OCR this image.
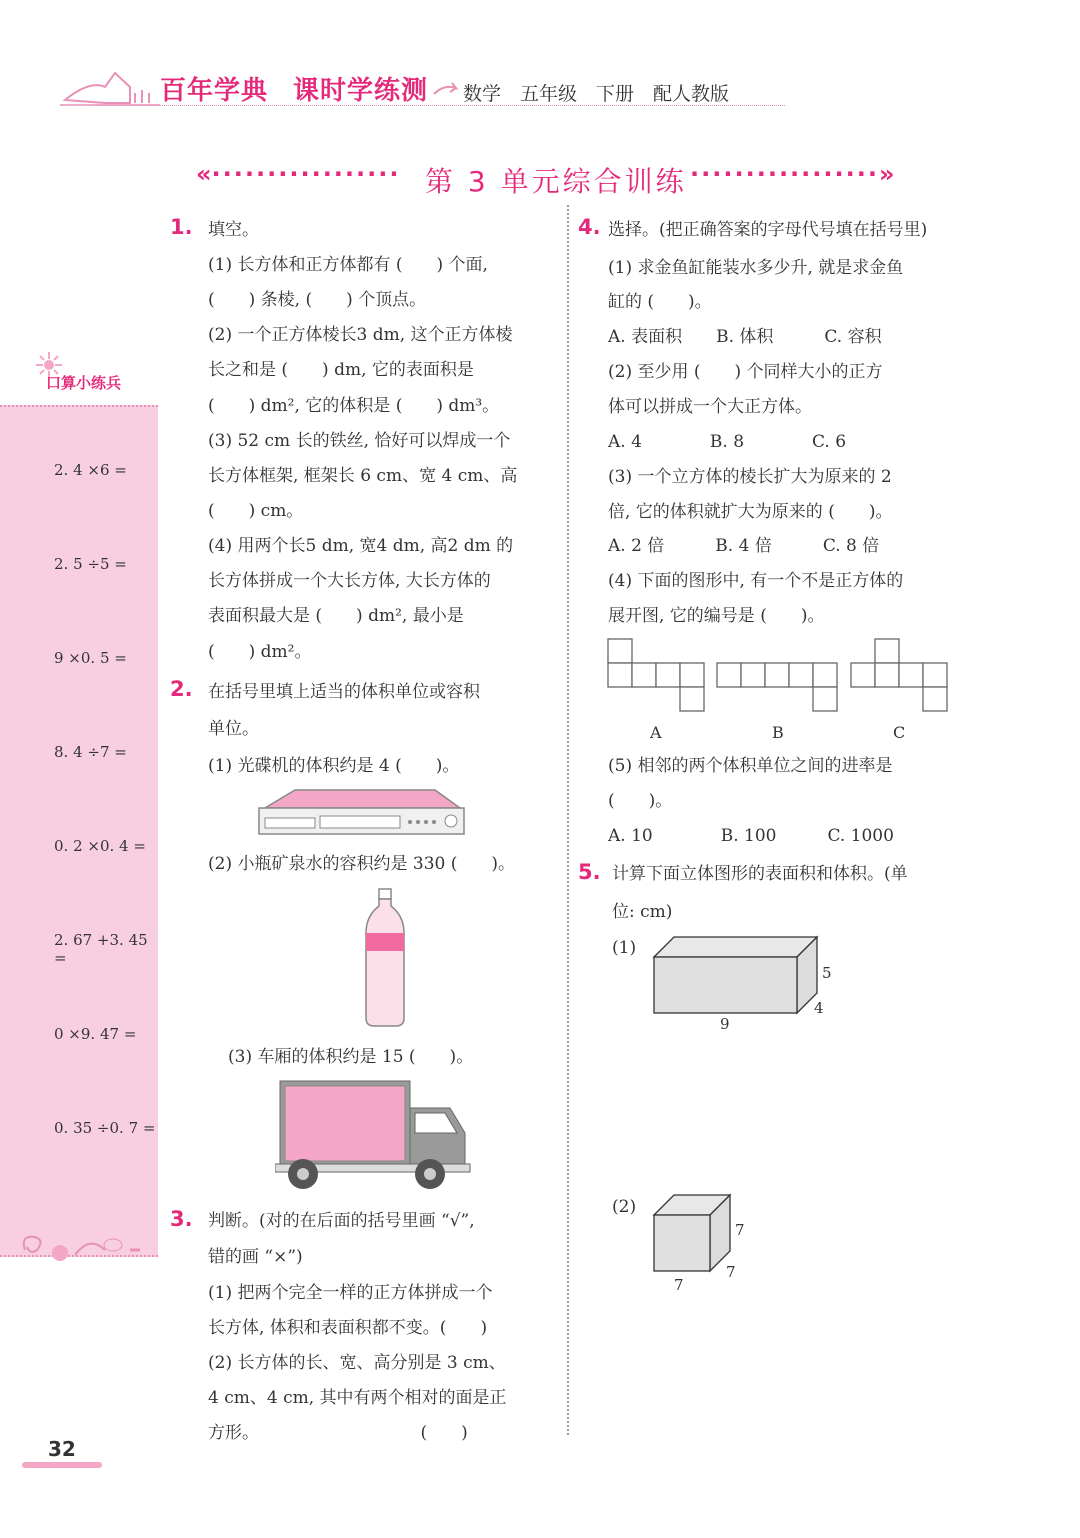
百年学典 课时学练测 数学　五年级　下册　配人教版
«················· 第 3 单元综合训练 ·················»
口算小练兵
2. 4 ×6 =
2. 5 ÷5 =
9 ×0. 5 =
8. 4 ÷7 =
0. 2 ×0. 4 =
2. 67 +3. 45 =
0 ×9. 47 =
0. 35 ÷0. 7 =
1. 填空。
(1) 长方体和正方体都有 (　　) 个面,
(　　) 条棱, (　　) 个顶点。
(2) 一个正方体棱长3 dm, 这个正方体棱
长之和是 (　　) dm, 它的表面积是
(　　) dm², 它的体积是 (　　) dm³。
(3) 52 cm 长的铁丝, 恰好可以焊成一个
长方体框架, 框架长 6 cm、宽 4 cm、高
(　　) cm。
(4) 用两个长5 dm, 宽4 dm, 高2 dm 的
长方体拼成一个大长方体, 大长方体的
表面积最大是 (　　) dm², 最小是
(　　) dm²。
2. 在括号里填上适当的体积单位或容积
单位。
(1) 光碟机的体积约是 4 (　　)。
(2) 小瓶矿泉水的容积约是 330 (　　)。
(3) 车厢的体积约是 15 (　　)。
3. 判断。(对的在后面的括号里画 “√”,
错的画 “×”)
(1) 把两个完全一样的正方体拼成一个
长方体, 体积和表面积都不变。(　　)
(2) 长方体的长、宽、高分别是 3 cm、
4 cm、4 cm, 其中有两个相对的面是正
方形。　　　　　　　　　　(　　)
4. 选择。(把正确答案的字母代号填在括号里)
(1) 求金鱼缸能装水多少升, 就是求金鱼
缸的 (　　)。
A. 表面积　　B. 体积　　　C. 容积
(2) 至少用 (　　) 个同样大小的正方
体可以拼成一个大正方体。
A. 4　　　　B. 8　　　　C. 6
(3) 一个立方体的棱长扩大为原来的 2
倍, 它的体积就扩大为原来的 (　　)。
A. 2 倍　　　B. 4 倍　　　C. 8 倍
(4) 下面的图形中, 有一个不是正方体的
展开图, 它的编号是 (　　)。
A	B	C
(5) 相邻的两个体积单位之间的进率是
(　　)。
A. 10　　　　B. 100　　　C. 1000
5. 计算下面立体图形的表面积和体积。(单
位: cm)
(1)
9
5
4
(2)
7
7
7
32
